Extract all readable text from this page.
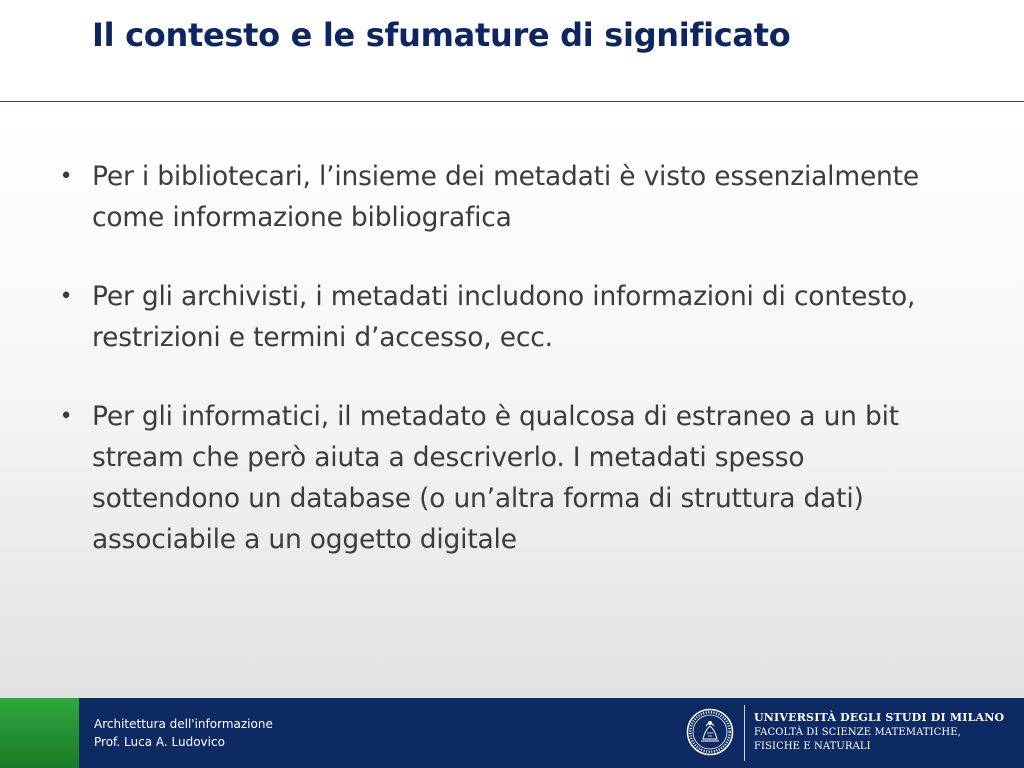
Il contesto e le sfumature di significato
• Per i bibliotecari, l’insieme dei metadati è visto essenzialmente come informazione bibliografica
• Per gli archivisti, i metadati includono informazioni di contesto, restrizioni e termini d’accesso, ecc.
• Per gli informatici, il metadato è qualcosa di estraneo a un bit stream che però aiuta a descriverlo. I metadati spesso sottendono un database (o un’altra forma di struttura dati) associabile a un oggetto digitale
Architettura dell'informazione
Prof. Luca A. Ludovico
UNIVERSITÀ DEGLI STUDI DI MILANO
FACOLTÀ DI SCIENZE MATEMATICHE,
FISICHE E NATURALI
